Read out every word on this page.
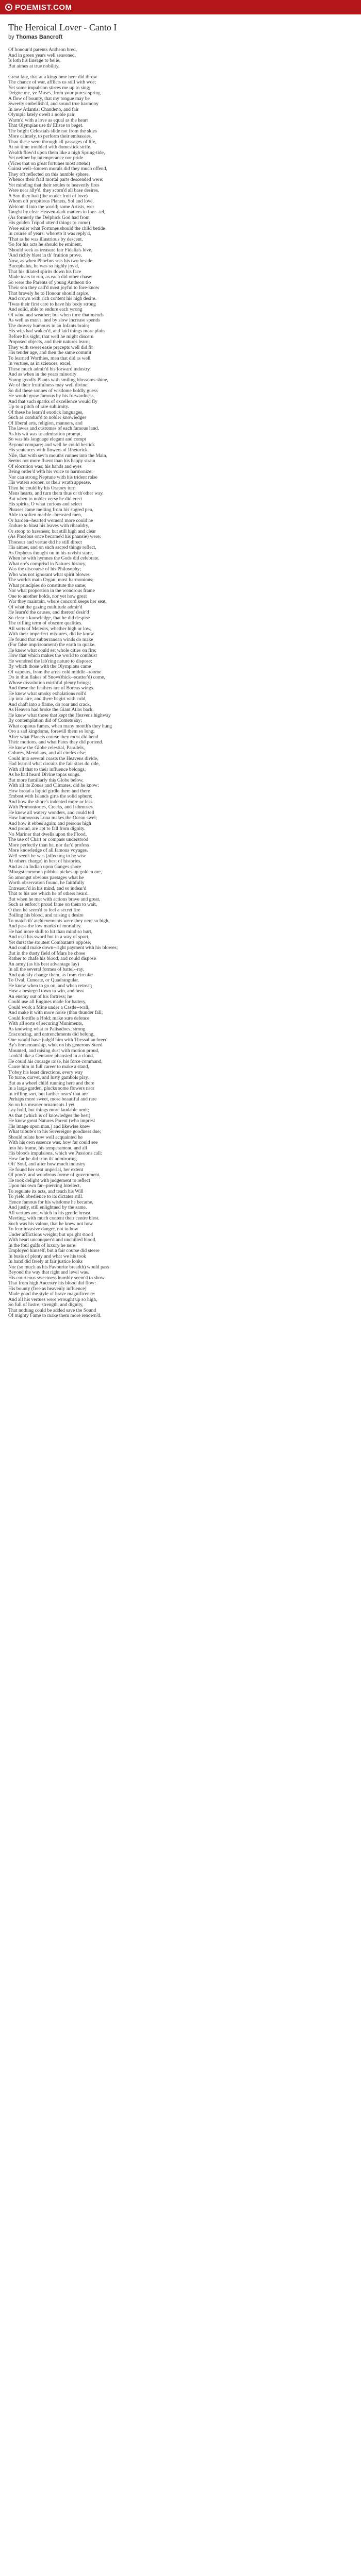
POEMIST.COM
The Heroical Lover - Canto I
by Thomas Bancroft
Of honour'd parents Antheon bred,
And in green years well seasoned,
Is loth his lineage to belie,
But aimes at true nobility.
Great fate, that at a kingdome here did throw
The chance of war, afflicts us still with woe;
Yet some impulsion stirres me up to sing;
Deigne me, ye Muses, from your purest spring
A flow of bounty, that my tongue may be
Sweetly embellish'd, and sound true harmony
In new Atlantis, Chandeno, and fair
Olympia lately dwelt a noble pair,
Warm'd with a love as equal as the heart
That Olympias use th' Elisae to beget.
The bright Celestials slide not from the skies
More calmely, to perform their embassies,
Than these went through all passages of life,
At no time troubled with domestick strife.
Wealth flow'd upon them like a high Spring-tide,
Yet neither by intemperance nor pride
(Vices that on great fortunes most attend)
Gainst well--known morals did they much offend,
They oft reflected on this humble sphere,
Whence their frail mortal parts descended were;
Yet minding that their soules to heavenly fires
Were near ally'd, they scorn'd all base desires.
A Son they had (the tender fruit of love)
Whom oft propitious Planets, Sol and love,
Welcom'd into the world; some Artists, wer
Taught by clear Heaven-dark matters to fore--tel,
(As formerly the Delphick God had from
His golden Tripod utter'd things to come)
Were eaier what Fortunes should the child betide
In course of years: whereto it was reply'd,
'That as he was illustrious by descent,
'So for his acts he should be eminent,
'Should seek as treasure fair Fidelia's love,
'And richly blest in th' fruition prove.
Now, as when Phoebus sets his two beside
Bucephalus, he was so highly joy'd,
That his dilated spirits down his face
Made tears to run, as each did other chase:
So were the Parents of young Antheon tio
Their son they call'd most joyful to fore-know
That bravely he to Honour should aspire,
And crown with rich content his high desire.
'Twas their first care to have his body strong
And solid, able to endure each wrong
Of wind and weather; but when time that mends
As well as man's, and by slow increase spends
The drowsy humours in an Infants brain;
His wits had waken'd, and laid things more plain
Before his sight, that well he might discern
Proposed objects, and their natures learn;
They with sweet easie precepts well did fit
His tender age, and then the same commit
To learned Worthies, men that did as well
In vertues, as in sciences, excel,
These much admir'd his forward industry,
And as when in the years minority
Young goodly Plants with smiling blossoms shine,
We of their fruitfulness may well divine:
So did these sonnes of wisdome boldly guess
He would grow famous by his forwardness,
And that such sparks of excellence would fly
Up to a pitch of rare sublimity.
Of these he learn'd exotick languages,
Such as conduc'd to nobler knowledges
Of liberal arts, religion, manners, and
The lawes and customes of each famous land.
As his wit was to admiration prompt,
So was his language elegant and compt
Beyond compare; and well he could bestick
His sentences with flowers of Rhetorick.
Nile, that with sev'n mouths runnes into the Main,
Seems not more fluent than his happy strain
Of elocution was; his hands and eyes
Being order'd with his voice to harmonize:
Nor can strong Neptune with his trident raise
His waters sooner, or their wrath appease,
Then he could by his Oratory turn
Mens hearts, and turn them thus or th'other way.
But when to nobler verse he did erect
His spirits, O what curious and select
Phrases came melting from his sugred pen,
Able to soften marble--breasted men,
Or harden--hearted women! more could he
Endure to blast his leaves with ribauldry,
Or stoop to baseness; but still high and clear
(As Phoebus once became'd his phansie) were:
Thonour and vertue did he still direct
His aimes, and on such sacred things reflect,
As Orpheus thought on in his ravisht stare,
When he with hymnes the Gods did celebrate.
What ere's comprisd in Natures history,
Was the discourse of his Philosophy;
Who was not ignorant what spirit blowes
The worlds main Organ; most harmonious;
What principles do constitute the same;
Nor what proportion in the wondrous frame
One to another holds, nor yet how great
War they maintain, where concord keeps her seat.
Of what the gazing multitude admir'd
He learn'd the causes, and thereof desir'd
So clear a knowledge, that he did despise
The trifling term of obscure qualities.
All sorts of Meteors, whether high or low,
With their imperfect mixtures, did he know.
He found that subterranean winds do make
(For false imprisonment) the earth to quake.
He knew what could set whole cities on fire;
How that which makes the world to combust
He wondred the lab'ring nature to dispose;
By which those with the Olympians came
Of vapours, from the arres cold middle--roome
Do in thin flakes of Snow(thick--scatter'd) come,
Whose dissolution mirthful plenty brings;
And these the feathers are of Boreas wings.
He knew what smoky exhalations roll'd
Up into aire, and there begirt with cold,
And chaft into a flame, do roar and crack,
As Heaven had broke the Giant Atlas back.
He knew what those that kept the Heavens highway
By contemplation did of Comets say;
What copious fumes, when many month's they hung
Oro a sad kingdome, forewill them so long;
After what Planets course they most did bend
Their motions, and what Fates they did portend.
He knew the Globe celestial, Parallels,
Colures, Meridians, and all circles else;
Could into several coasts the Heavens divide,
Had learn'd what circuits the fair stars do ride,
With all that to their influence belongs,
As he had heard Divine topas songs.
But more familiarly this Globe below,
With all its Zones and Climates, did he know;
How broad a liquid girdle there and there
Embost with Islands girts the solid sphere;
And how the shore's indented more or less
With Promontories, Creeks, and Isthmuses.
He knew all watery wonders, and could tell
How humorous Luna makes the Ocean swel;
And how it ebbes again; and persons high
And proud, are apt to fall from dignity.
No Mariner that dwells upon the Flood,
The use of Chart or compass understood
More perfectly than he, nor dar'd profess
More knowledge of all famous voyages.
Well seen't he was (affecting to be wise
At others charge) in best of histories,
And as an Indian upon Ganges shore
'Mongst common pibbles pickes up golden ore,
So amongst obvious passages what he
Worth observation found, he faithfully
Entreasur'd in his mind, and so indear'd
That to his use which he of others heard.
But when he met with actions brave and great,
Such as enforc't proud fame on them to wait,
O then he seem'd to feel a secret fire
Boiling his blood, and raising a desire
To match th' atchievements were they nere so high,
And pass the low marks of mortality.
He had more skill to hit than mind so hurt,
And us'd his sword but in a way of sport,
Yet durst the stoutest Combatants oppose,
And could make down--right payment with his blowes;
But in the dusty field of Mars he chose
Rather to chafe his blood, and could dispose
An army (as his best advantage lay)
In all the several formes of battel--ray,
And quickly change them, as from circular
To Oval, Cuneate, or Quadrangular.
He knew when to go on, and when retreat;
How a besieged town to win, and beat
An enemy out of his fortress; he
Could use all Engines made for battery,
Could work a Mine under a Castle--wall,
And make it with more noise (than thunder fall;
Could fortifie a Hold; make sure defence
With all sorts of securing Muniments,
As knowing what to Palisadoes, strong
Ensconcing, and entrenchments did belong.
One would have judg'd him with Thessalian breed
By's horsemanship, who, on his generous Steed
Mounted, and raising dust with motion proud,
Look'd like a Centaure phansied in a cloud.
He could his courage raise, his force command,
Cause him in full career to make a stand,
T'obey his least directions, every way
To turne, curvet, and lusty gambols play.
But as a wheel child running here and there
In a large garden, plucks some flowers near
In trifling sort, but farther nears' that are
Perhaps more sweet, more beautiful and rare
So on his meaner ornaments I yet
Lay hold, but things more laudable omit;
As that (which is of knowledges the best)
He knew great Natures Parent (who imprest
His image upon man,) and likewise knew
What tribute's to his Sovereigne goodness due;
Should relate how well acquainted he
With his own essence was; how far could see
Into his frame, his temperament, and all
His bloods impulsions, which we Passions call:
How far he did trim th' admiroring
Oft' Soul, and after how much industry
He found her seat imperial, her extent
Of pow'r, and wondrous forme of government.
He took delight with judgement to reflect
Upon his own far--piercing Intellect,
To regulate its acts, and teach his Will
To yield obedience to its dictates still.
Hence famous for his wisdome he became,
And justly, still enlightned by the same.
All vertues are, which in his gentle breast
Meeting, with much content their centre blest.
Such was his valour, that he knew not how
To fear invasive danger, not to bow
Under afflictions weight; but upright stood
With heart unconquer'd and unchilled blood.
In the foul gulfs of luxury he nere
Employed himself, but a fair course did steere
In busis of plenty and what we his took
In hand did freely at fair justice looks
Nor (so much as his Favourite breadth) would pass
Beyond the way that right and level was.
His courteous sweetness humbly seem'd to show
That from high Ancestry his blood did flow:
His bounty (free as heavenly influence)
Made good the style of brave magnificence:
And all his vertues were wrought up so high,
So full of lustre, strength, and dignity,
That nothing could be added save the Sound
Of mighty Fame to make them more renown'd.
